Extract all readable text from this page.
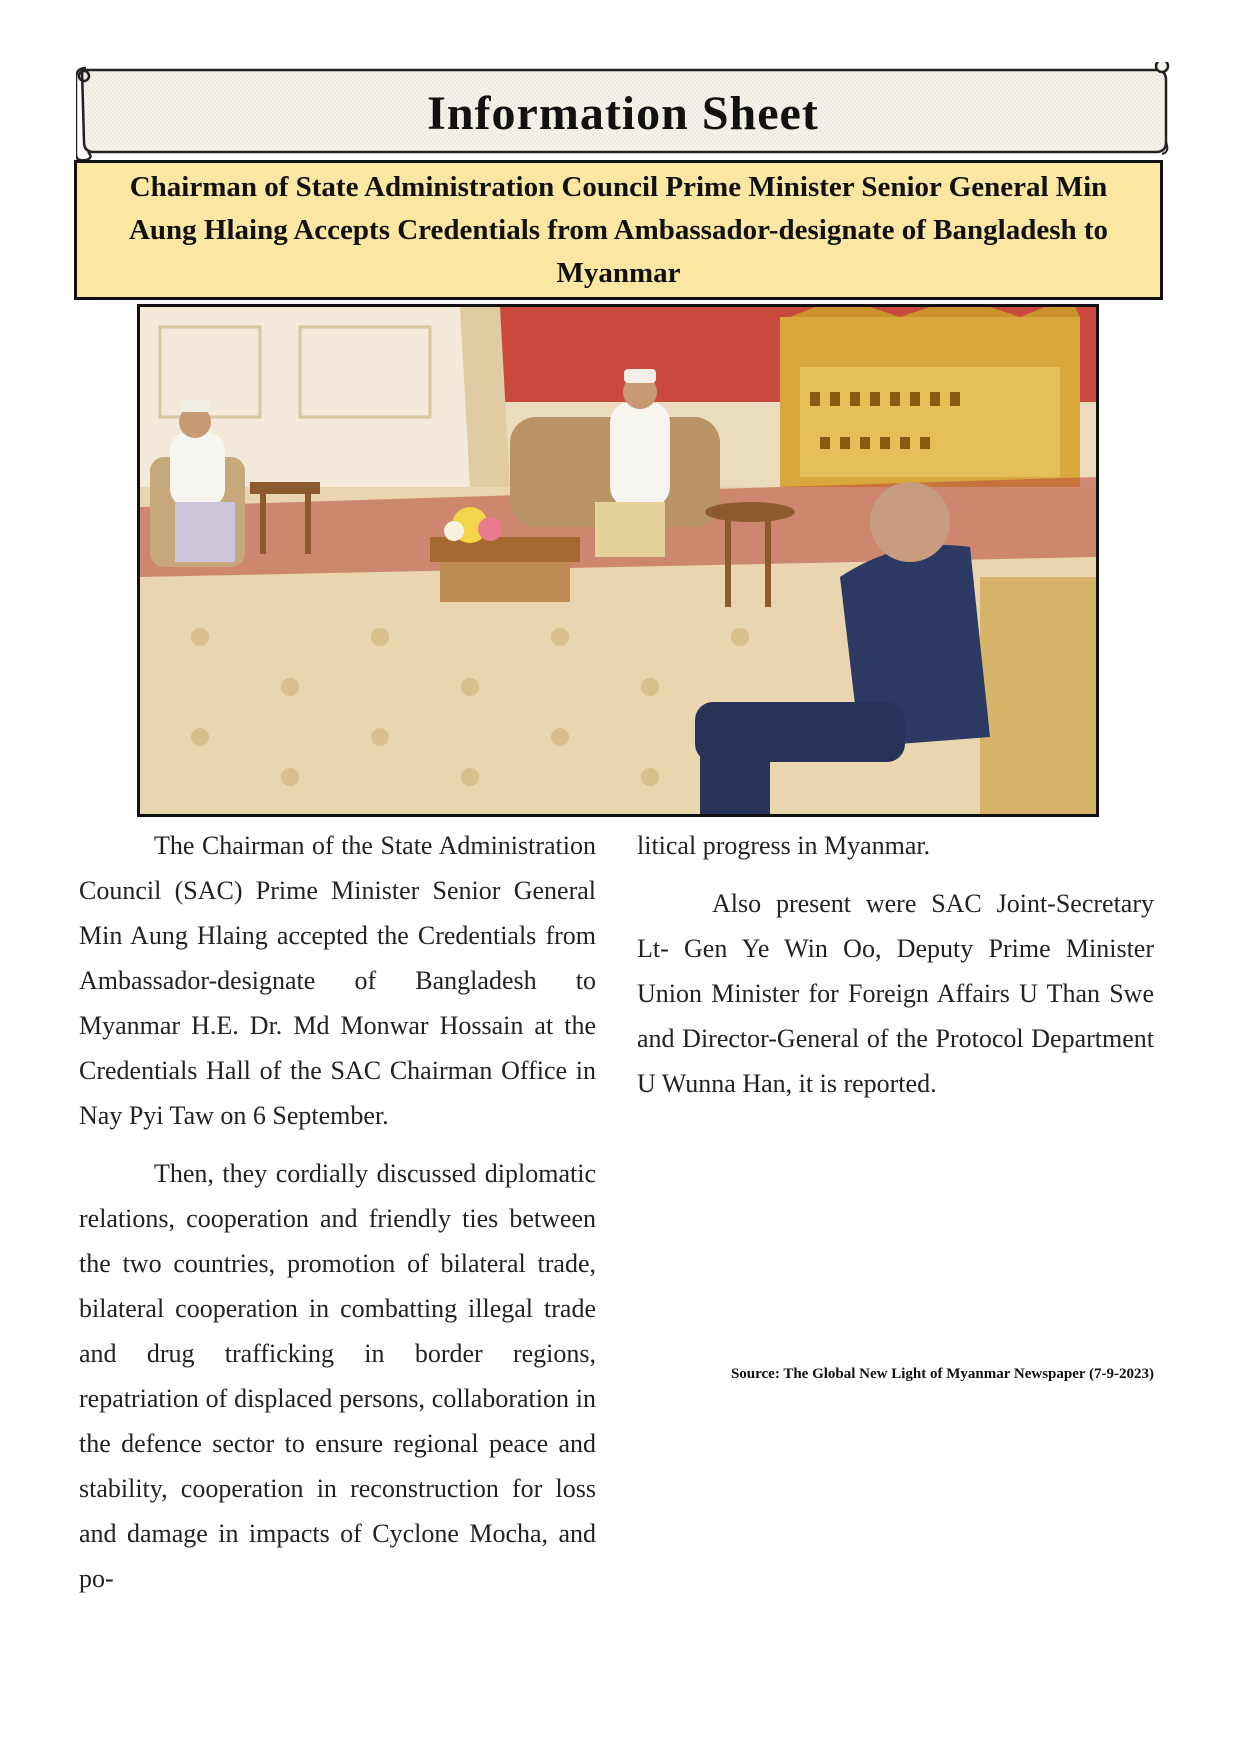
Information Sheet
Chairman of State Administration Council Prime Minister Senior General Min Aung Hlaing Accepts Credentials from Ambassador-designate of Bangladesh to Myanmar

The Chairman of the State Administration Council (SAC) Prime Minister Senior General Min Aung Hlaing accepted the Credentials from Ambassador-designate of Bangladesh to Myanmar H.E. Dr. Md Monwar Hossain at the Credentials Hall of the SAC Chairman Office in Nay Pyi Taw on 6 September.

Then, they cordially discussed diplomatic relations, cooperation and friendly ties between the two countries, promotion of bilateral trade, bilateral cooperation in combatting illegal trade and drug trafficking in border regions, repatriation of displaced persons, collaboration in the defence sector to ensure regional peace and stability, cooperation in reconstruction for loss and damage in impacts of Cyclone Mocha, and po-

litical progress in Myanmar.

Also present were SAC Joint-Secretary Lt- Gen Ye Win Oo, Deputy Prime Minister Union Minister for Foreign Affairs U Than Swe and Director-General of the Protocol Department U Wunna Han, it is reported.

Source: The Global New Light of Myanmar Newspaper (7-9-2023)
